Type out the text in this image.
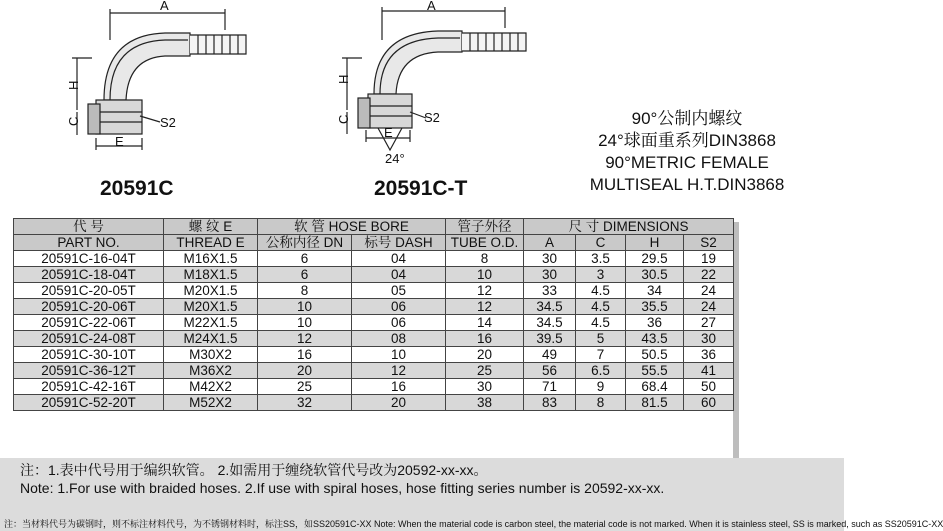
A
H
C
E
S2
A
H
C
E
S2
24°
20591C	20591C-T
90°公制内螺纹
24°球面重系列DIN3868
90°METRIC FEMALE
MULTISEAL H.T.DIN3868
代 号	螺 纹 E	软 管 HOSE BORE		管子外径	尺 寸 DIMENSIONS			
PART NO.	THREAD E	公称内径 DN	标号 DASH	TUBE O.D.	A	C	H	S2
20591C-16-04T	M16X1.5	6	04	8	30	3.5	29.5	19
20591C-18-04T	M18X1.5	6	04	10	30	3	30.5	22
20591C-20-05T	M20X1.5	8	05	12	33	4.5	34	24
20591C-20-06T	M20X1.5	10	06	12	34.5	4.5	35.5	24
20591C-22-06T	M22X1.5	10	06	14	34.5	4.5	36	27
20591C-24-08T	M24X1.5	12	08	16	39.5	5	43.5	30
20591C-30-10T	M30X2	16	10	20	49	7	50.5	36
20591C-36-12T	M36X2	20	12	25	56	6.5	55.5	41
20591C-42-16T	M42X2	25	16	30	71	9	68.4	50
20591C-52-20T	M52X2	32	20	38	83	8	81.5	60
注：1.表中代号用于编织软管。 2.如需用于缠绕软管代号改为20592-xx-xx。
Note: 1.For use with braided hoses. 2.If use with spiral hoses, hose fitting series number is 20592-xx-xx.
注：当材料代号为碳钢时，则不标注材料代号，为不锈钢材料时，标注SS，如SS20591C-XX Note: When the material code is carbon steel, the material code is not marked. When it is stainless steel, SS is marked, such as SS20591C-XX
